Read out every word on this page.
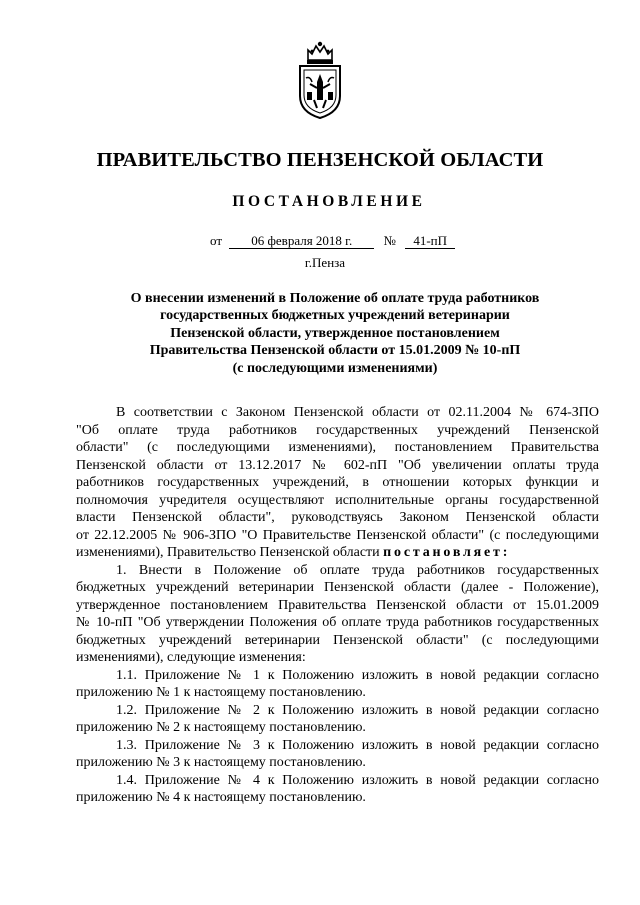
ПРАВИТЕЛЬСТВО ПЕНЗЕНСКОЙ ОБЛАСТИ
ПОСТАНОВЛЕНИЕ
от 06 февраля 2018 г. № 41-пП
г.Пенза
О внесении изменений в Положение об оплате труда работников
государственных бюджетных учреждений ветеринарии
Пензенской области, утвержденное постановлением
Правительства Пензенской области от 15.01.2009 № 10-пП
(с последующими изменениями)
В соответствии с Законом Пензенской области от 02.11.2004 № 674-ЗПО
"Об оплате труда работников государственных учреждений Пензенской
области" (с последующими изменениями), постановлением Правительства
Пензенской области от 13.12.2017 № 602-пП "Об увеличении оплаты труда
работников государственных учреждений, в отношении которых функции и
полномочия учредителя осуществляют исполнительные органы государственной
власти Пензенской области", руководствуясь Законом Пензенской области
от 22.12.2005 № 906-ЗПО "О Правительстве Пензенской области" (с последующими
изменениями), Правительство Пензенской области постановляет:
1. Внести в Положение об оплате труда работников государственных
бюджетных учреждений ветеринарии Пензенской области (далее - Положение),
утвержденное постановлением Правительства Пензенской области от 15.01.2009
№ 10-пП "Об утверждении Положения об оплате труда работников государственных
бюджетных учреждений ветеринарии Пензенской области" (с последующими
изменениями), следующие изменения:
1.1. Приложение № 1 к Положению изложить в новой редакции согласно
приложению № 1 к настоящему постановлению.
1.2. Приложение № 2 к Положению изложить в новой редакции согласно
приложению № 2 к настоящему постановлению.
1.3. Приложение № 3 к Положению изложить в новой редакции согласно
приложению № 3 к настоящему постановлению.
1.4. Приложение № 4 к Положению изложить в новой редакции согласно
приложению № 4 к настоящему постановлению.
